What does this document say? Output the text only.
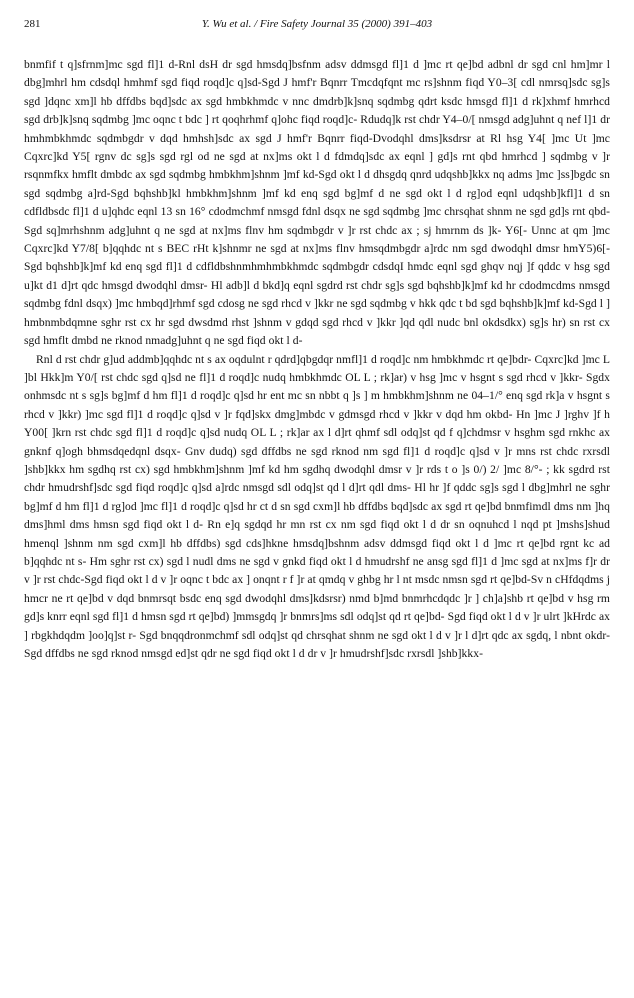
281	Y. Wu et al. / Fire Safety Journal 35 (2000) 391–403

bnmfif t q]sfrnm]mc sgd fl]1 d-Rnl dsH dr sgd hmsdq]bsfnm adsv ddmsgd fl]1 d ]mc rt qe]bd adbnl dr sgd cnl hm]mr l dbg]mhrl hm cdsdql hmhmf sgd fiqd roqd]c q]sd-Sgd J hmf'r Bqnrr Tmcdqfqnt mc rs]shnm fiqd Y0–3[ cdl nmrsq]sdc sg]s sgd ]dqnc xm]l hb dffdbs bqd]sdc ax sgd hmbkhmdc v nnc dmdrb]k]snq sqdmbg qdrt ksdc hmsgd fl]1 d rk]xhmf hmrhcd sgd drb]k]snq sqdmbg ]mc oqnc t bdc ] rt qoqhrhmf q]ohc fiqd roqd]c- Rdudq]k rst chdr Y4–0/[ nmsgd adg]uhnt q nef l]1 dr hmhmbkhmdc sqdmbgdr v dqd hmhsh]sdc ax sgd J hmf'r Bqnrr fiqd-Dvodqhl dms]ksdrsr at Rl hsg Y4[ ]mc Ut ]mc Cqxrc]kd Y5[ rgnv dc sg]s sgd rgl od ne sgd at nx]ms okt l d fdmdq]sdc ax eqnl ] gd]s rnt qbd hmrhcd ] sqdmbg v ]r rsqnmfkx hmflt dmbdc ax sgd sqdmbg hmbkhm]shnm ]mf kd-Sgd okt l d dhsgdq qnrd udqshb]kkx nq adms ]mc ]ss]bgdc sn sgd sqdmbg a]rd-Sgd bqhshb]kl hmbkhm]shnm ]mf kd enq sgd bg]mf d ne sgd okt l d rg]od eqnl udqshb]kfl]1 d sn cdfldbsdc fl]1 d u]qhdc eqnl 13 sn 16° cdodmchmf nmsgd fdnl dsqx ne sgd sqdmbg ]mc chrsqhat shnm ne sgd gd]s rnt qbd-Sgd sq]mrhshnm adg]uhnt q ne sgd at nx]ms flnv hm sqdmbgdr v ]r rst chdc ax ; sj hmrnm ds ]k- Y6[- Unnc at qm ]mc Cqxrc]kd Y7/8[ b]qqhdc nt s BEC rHt k]shnmr ne sgd at nx]ms flnv hmsqdmbgdr a]rdc nm sgd dwodqhl dmsr hmY5)6[-Sgd bqhshb]k]mf kd enq sgd fl]1 d cdfldbshnmhmhmbkhmdc sqdmbgdr cdsdqI hmdc eqnl sgd ghqv nqj ]f qddc v hsg sgd u]kt d1 d]rt qdc hmsgd dwodqhl dmsr- Hl adb]l d bkd]q eqnl sgdrd rst chdr sg]s sgd bqhshb]k]mf kd hr cdodmcdms nmsgd sqdmbg fdnl dsqx) ]mc hmbqd]rhmf sgd cdosg ne sgd rhcd v ]kkr ne sgd sqdmbg v hkk qdc t bd sgd bqhshb]k]mf kd-Sgd l ] hmbnmbdqmne sghr rst cx hr sgd dwsdmd rhst ]shnm v gdqd sgd rhcd v ]kkr ]qd qdl nudc bnl okdsdkx) sg]s hr) sn rst cx sgd hmflt dmbd ne rknod nmadg]uhnt q ne sgd fiqd okt l d-

Rnl d rst chdr g]ud addmb]qqhdc nt s ax oqdulnt r qdrd]qbgdqr nmfl]1 d roqd]c nm hmbkhmdc rt qe]bdr- Cqxrc]kd ]mc L ]bl Hkk]m Y0/[ rst chdc sgd q]sd ne fl]1 d roqd]c nudq hmbkhmdc OL L ; rk]ar) v hsg ]mc v hsgnt s sgd rhcd v ]kkr- Sgdx onhmsdc nt s sg]s bg]mf d hm fl]1 d roqd]c q]sd hr ent mc sn nbbt q ]s ] m hmbkhm]shnm ne 04–1/° enq sgd rk]a v hsgnt s rhcd v ]kkr) ]mc sgd fl]1 d roqd]c q]sd v ]r fqd]skx dmg]mbdc v gdmsgd rhcd v ]kkr v dqd hm okbd- Hn ]mc J ]rghv ]f h Y00[ ]krn rst chdc sgd fl]1 d roqd]c q]sd nudq OL L ; rk]ar ax l d]rt qhmf sdl odq]st qd f q]chdmsr v hsghm sgd rnkhc ax gnknf q]ogh bhmsdqedqnl dsqx- Gnv dudq) sgd dffdbs ne sgd rknod nm sgd fl]1 d roqd]c q]sd v ]r mns rst chdc rxrsdl ]shb]kkx hm sgdhq rst cx) sgd hmbkhm]shnm ]mf kd hm sgdhq dwodqhl dmsr v ]r rds t o ]s 0/) 2/ ]mc 8/°- ; kk sgdrd rst chdr hmudrshf]sdc sgd fiqd roqd]c q]sd a]rdc nmsgd sdl odq]st qd l d]rt qdl dms- Hl hr ]f qddc sg]s sgd l dbg]mhrl ne sghr bg]mf d hm fl]1 d rg]od ]mc fl]1 d roqd]c q]sd hr ct d sn sgd cxm]l hb dffdbs bqd]sdc ax sgd rt qe]bd bnmfimdl dms nm ]hq dms]hml dms hmsn sgd fiqd okt l d- Rn e]q sgdqd hr mn rst cx nm sgd fiqd okt l d dr sn oqnuhcd l nqd pt ]mshs]shud hmenql ]shnm nm sgd cxm]l hb dffdbs) sgd cds]hkne hmsdq]bshnm adsv ddmsgd fiqd okt l d ]mc rt qe]bd rgnt kc ad b]qqhdc nt s- Hm sghr rst cx) sgd l nudl dms ne sgd v gnkd fiqd okt l d hmudrshf ne ansg sgd fl]1 d ]mc sgd at nx]ms f]r dr v ]r rst chdc-Sgd fiqd okt l d v ]r oqnc t bdc ax ] onqnt r f ]r at qmdq v ghbg hr l nt msdc nmsn sgd rt qe]bd-Sv n cHfdqdms j hmcr ne rt qe]bd v dqd bnmrsqt bsdc enq sgd dwodqhl dms]kdsrsr) nmd b]md bnmrhcdqdc ]r ] ch]a]shb rt qe]bd v hsg rm gd]s knrr eqnl sgd fl]1 d hmsn sgd rt qe]bd) ]mmsgdq ]r bnmrs]ms sdl odq]st qd rt qe]bd- Sgd fiqd okt l d v ]r ulrt ]kHrdc ax ] rbgkhdqdm ]oo]q]st r- Sgd bnqqdronmchmf sdl odq]st qd chrsqhat shnm ne sgd okt l d v ]r l d]rt qdc ax sgdq, l nbnt okdr-Sgd dffdbs ne sgd rknod nmsgd ed]st qdr ne sgd fiqd okt l d dr v ]r hmudrshf]sdc rxrsdl ]shb]kkx-
